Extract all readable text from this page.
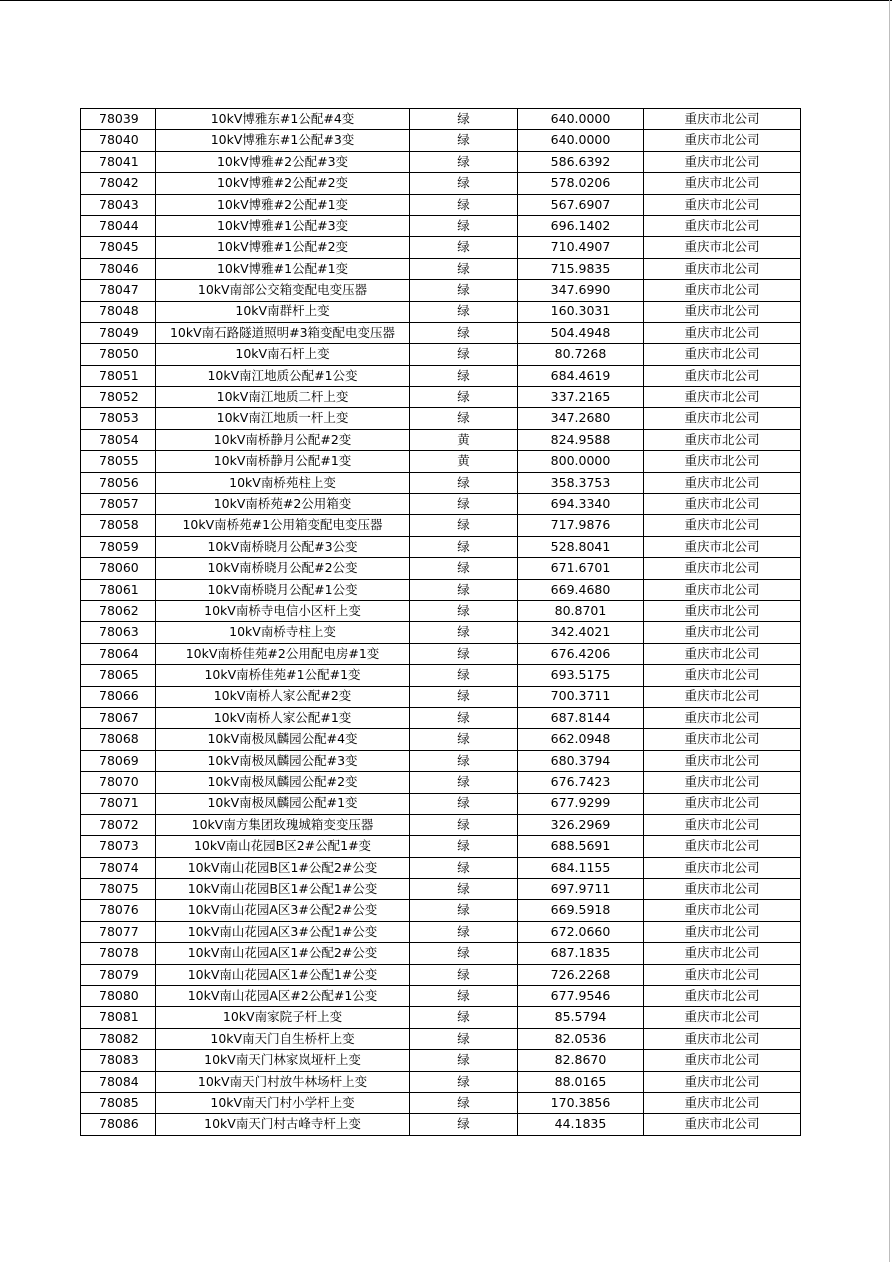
78039	10kV博雅东#1公配#4变	绿	640.0000	重庆市北公司
78040	10kV博雅东#1公配#3变	绿	640.0000	重庆市北公司
78041	10kV博雅#2公配#3变	绿	586.6392	重庆市北公司
78042	10kV博雅#2公配#2变	绿	578.0206	重庆市北公司
78043	10kV博雅#2公配#1变	绿	567.6907	重庆市北公司
78044	10kV博雅#1公配#3变	绿	696.1402	重庆市北公司
78045	10kV博雅#1公配#2变	绿	710.4907	重庆市北公司
78046	10kV博雅#1公配#1变	绿	715.9835	重庆市北公司
78047	10kV南部公交箱变配电变压器	绿	347.6990	重庆市北公司
78048	10kV南群杆上变	绿	160.3031	重庆市北公司
78049	10kV南石路隧道照明#3箱变配电变压器	绿	504.4948	重庆市北公司
78050	10kV南石杆上变	绿	80.7268	重庆市北公司
78051	10kV南江地质公配#1公变	绿	684.4619	重庆市北公司
78052	10kV南江地质二杆上变	绿	337.2165	重庆市北公司
78053	10kV南江地质一杆上变	绿	347.2680	重庆市北公司
78054	10kV南桥静月公配#2变	黄	824.9588	重庆市北公司
78055	10kV南桥静月公配#1变	黄	800.0000	重庆市北公司
78056	10kV南桥苑柱上变	绿	358.3753	重庆市北公司
78057	10kV南桥苑#2公用箱变	绿	694.3340	重庆市北公司
78058	10kV南桥苑#1公用箱变配电变压器	绿	717.9876	重庆市北公司
78059	10kV南桥晓月公配#3公变	绿	528.8041	重庆市北公司
78060	10kV南桥晓月公配#2公变	绿	671.6701	重庆市北公司
78061	10kV南桥晓月公配#1公变	绿	669.4680	重庆市北公司
78062	10kV南桥寺电信小区杆上变	绿	80.8701	重庆市北公司
78063	10kV南桥寺柱上变	绿	342.4021	重庆市北公司
78064	10kV南桥佳苑#2公用配电房#1变	绿	676.4206	重庆市北公司
78065	10kV南桥佳苑#1公配#1变	绿	693.5175	重庆市北公司
78066	10kV南桥人家公配#2变	绿	700.3711	重庆市北公司
78067	10kV南桥人家公配#1变	绿	687.8144	重庆市北公司
78068	10kV南极凤麟园公配#4变	绿	662.0948	重庆市北公司
78069	10kV南极凤麟园公配#3变	绿	680.3794	重庆市北公司
78070	10kV南极凤麟园公配#2变	绿	676.7423	重庆市北公司
78071	10kV南极凤麟园公配#1变	绿	677.9299	重庆市北公司
78072	10kV南方集团玫瑰城箱变变压器	绿	326.2969	重庆市北公司
78073	10kV南山花园B区2#公配1#变	绿	688.5691	重庆市北公司
78074	10kV南山花园B区1#公配2#公变	绿	684.1155	重庆市北公司
78075	10kV南山花园B区1#公配1#公变	绿	697.9711	重庆市北公司
78076	10kV南山花园A区3#公配2#公变	绿	669.5918	重庆市北公司
78077	10kV南山花园A区3#公配1#公变	绿	672.0660	重庆市北公司
78078	10kV南山花园A区1#公配2#公变	绿	687.1835	重庆市北公司
78079	10kV南山花园A区1#公配1#公变	绿	726.2268	重庆市北公司
78080	10kV南山花园A区#2公配#1公变	绿	677.9546	重庆市北公司
78081	10kV南家院子杆上变	绿	85.5794	重庆市北公司
78082	10kV南天门自生桥杆上变	绿	82.0536	重庆市北公司
78083	10kV南天门林家岚垭杆上变	绿	82.8670	重庆市北公司
78084	10kV南天门村放牛林场杆上变	绿	88.0165	重庆市北公司
78085	10kV南天门村小学杆上变	绿	170.3856	重庆市北公司
78086	10kV南天门村古峰寺杆上变	绿	44.1835	重庆市北公司
